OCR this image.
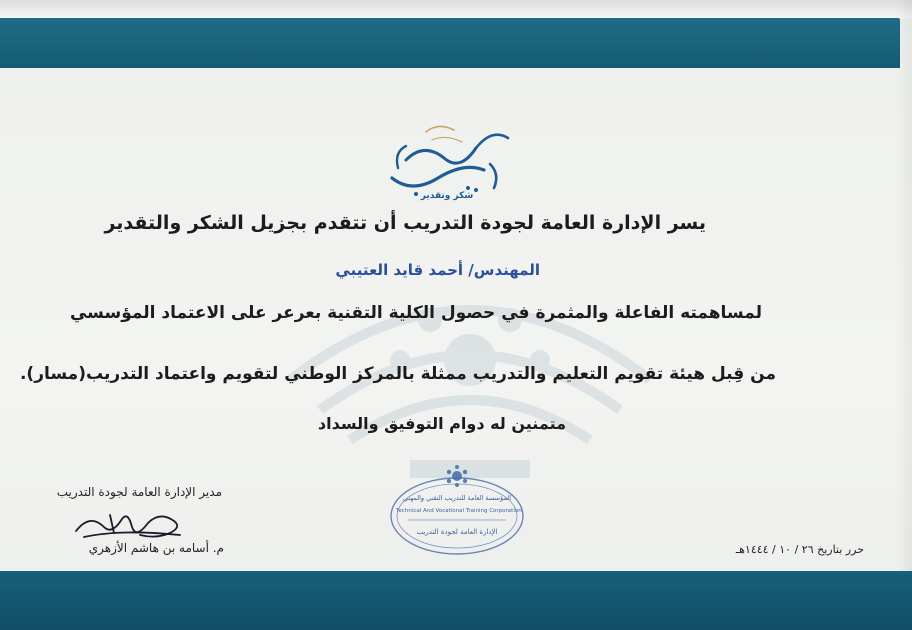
شكر وتقدير
يسر الإدارة العامة لجودة التدريب أن تتقدم بجزيل الشكر والتقدير
المهندس/ أحمد قايد العتيبي
لمساهمته الفاعلة والمثمرة في حصول الكلية التقنية بعرعر على الاعتماد المؤسسي
من قِبل هيئة تقويم التعليم والتدريب ممثلة بالمركز الوطني لتقويم واعتماد التدريب(مسار).
متمنين له دوام التوفيق والسداد
مدير الإدارة العامة لجودة التدريب
م. أسامه بن هاشم الأزهري
المؤسسة العامة للتدريب التقني والمهني
Technical And Vocational Training Corporation
الإدارة العامة لجودة التدريب
حرر بتاريخ ٢٦ / ١٠ / ١٤٤٤هـ
